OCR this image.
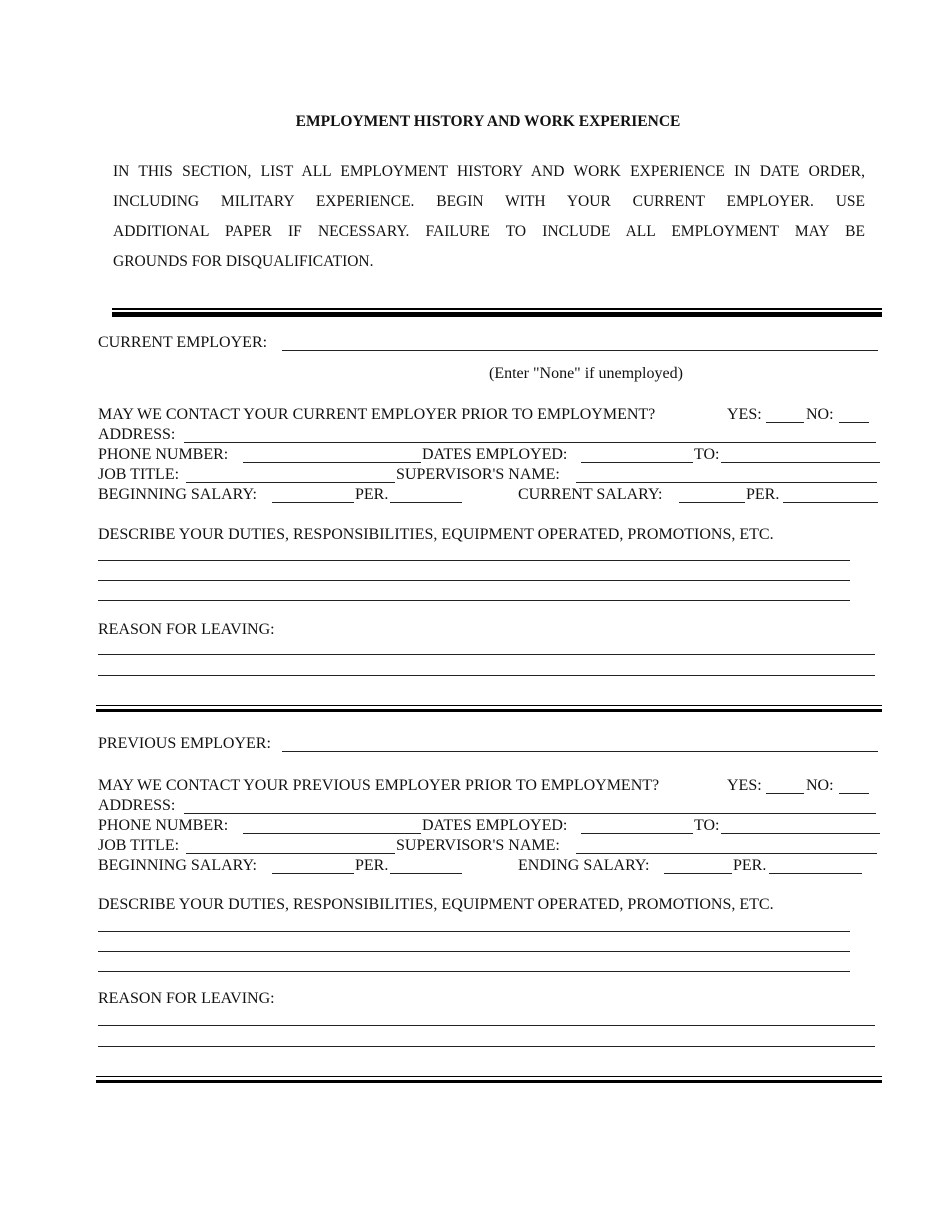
EMPLOYMENT HISTORY AND WORK EXPERIENCE
IN THIS SECTION, LIST ALL EMPLOYMENT HISTORY AND WORK EXPERIENCE IN DATE ORDER,
INCLUDING MILITARY EXPERIENCE. BEGIN WITH YOUR CURRENT EMPLOYER. USE
ADDITIONAL PAPER IF NECESSARY. FAILURE TO INCLUDE ALL EMPLOYMENT MAY BE
GROUNDS FOR DISQUALIFICATION.
CURRENT EMPLOYER:
(Enter "None" if unemployed)
MAY WE CONTACT YOUR CURRENT EMPLOYER PRIOR TO EMPLOYMENT?	YES:	NO:
ADDRESS:
PHONE NUMBER:	DATES EMPLOYED:	TO:
JOB TITLE:	SUPERVISOR'S NAME:
BEGINNING SALARY:	PER.	CURRENT SALARY:	PER.
DESCRIBE YOUR DUTIES, RESPONSIBILITIES, EQUIPMENT OPERATED, PROMOTIONS, ETC.
REASON FOR LEAVING:
PREVIOUS EMPLOYER:
MAY WE CONTACT YOUR PREVIOUS EMPLOYER PRIOR TO EMPLOYMENT?	YES:	NO:
ADDRESS:
PHONE NUMBER:	DATES EMPLOYED:	TO:
JOB TITLE:	SUPERVISOR'S NAME:
BEGINNING SALARY:	PER.	ENDING SALARY:	PER.
DESCRIBE YOUR DUTIES, RESPONSIBILITIES, EQUIPMENT OPERATED, PROMOTIONS, ETC.
REASON FOR LEAVING:
